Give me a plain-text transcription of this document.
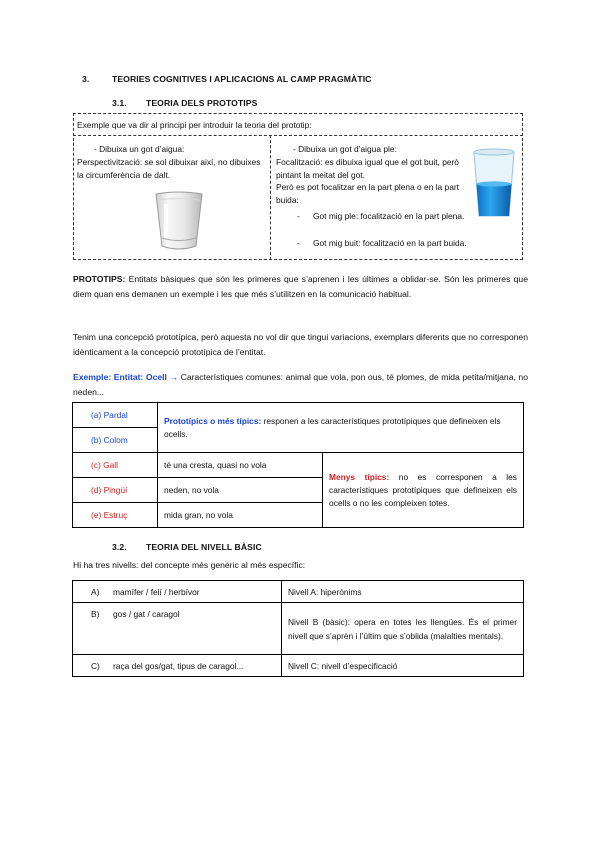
3.	TEORIES COGNITIVES I APLICACIONS AL CAMP PRAGMÀTIC
3.1. TEORIA DELS PROTOTIPS
Exemple que va dir al principi per introduir la teoria del prototip:
- Dibuixa un got d’aigua:
Perspectivització: se sol dibuixar així, no dibuixes la circumferència de dalt.
- Dibuixa un got d’aigua ple:
Focalització: es dibuixa igual que el got buit, però pintant la meitat del got.
Però es pot focalitzar en la part plena o en la part buida:
-	Got mig ple: focalització en la part plena.
-	Got mig buit: focalització en la part buida.
PROTOTIPS: Entitats bàsiques que són les primeres que s’aprenen i les últimes a oblidar-se. Són les primeres que diem quan ens demanen un exemple i les que més s’utilitzen en la comunicació habitual.
Tenim una concepció prototípica, però aquesta no vol dir que tingui variacions, exemplars diferents que no corresponen idènticament a la concepció prototípica de l’entitat.
Exemple: Entitat: Ocell → Característiques comunes: animal que vola, pon ous, té plomes, de mida petita/mitjana, no neden...
(a) Pardal	Prototípics o més típics: responen a les característiques prototípiques que defineixen els ocells.	
(b) Colom		
(c) Gall	té una cresta, quasi no vola	Menys típics: no es corresponen a les característiques prototípiques que defineixen els ocells o no les compleixen totes.
(d) Pingüí	neden, no vola	
(e) Estruç	mida gran, no vola	
3.2. TEORIA DEL NIVELL BÀSIC
Hi ha tres nivells: del concepte més genèric al més específic:
A) mamífer / felí / herbívor	Nivell A: hiperònims
B) gos / gat / caragol	Nivell B (bàsic): opera en totes les llengües. És el primer nivell que s’aprèn i l’últim que s’oblida (malalties mentals).
C) raça del gos/gat, tipus de caragol...	Nivell C: nivell d’especificació
